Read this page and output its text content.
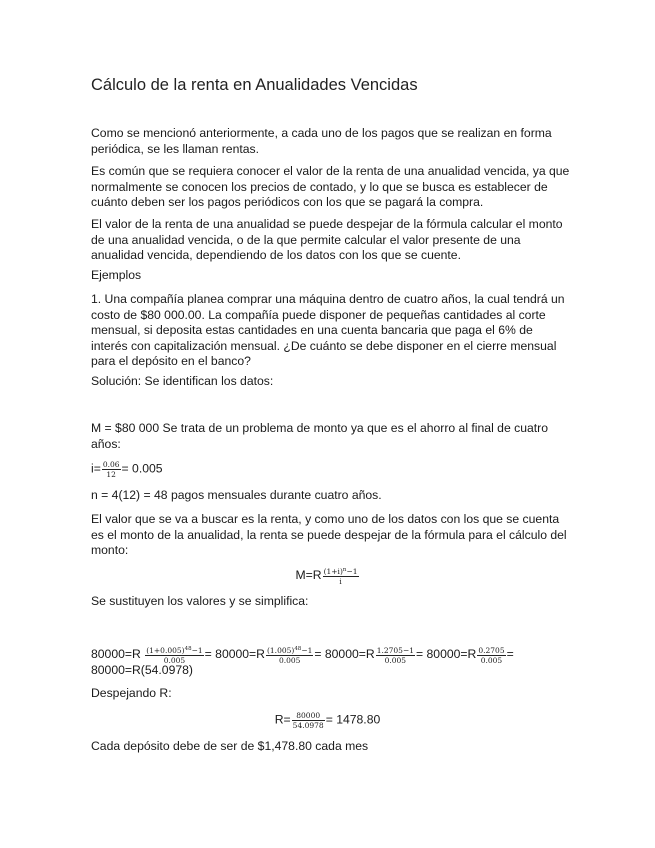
Cálculo de la renta en Anualidades Vencidas

Como se mencionó anteriormente, a cada uno de los pagos que se realizan en forma periódica, se les llaman rentas.

Es común que se requiera conocer el valor de la renta de una anualidad vencida, ya que normalmente se conocen los precios de contado, y lo que se busca es establecer de cuánto deben ser los pagos periódicos con los que se pagará la compra.

El valor de la renta de una anualidad se puede despejar de la fórmula calcular el monto de una anualidad vencida, o de la que permite calcular el valor presente de una anualidad vencida, dependiendo de los datos con los que se cuente.

Ejemplos

1. Una compañía planea comprar una máquina dentro de cuatro años, la cual tendrá un costo de $80 000.00. La compañía puede disponer de pequeñas cantidades al corte mensual, si deposita estas cantidades en una cuenta bancaria que paga el 6% de interés con capitalización mensual. ¿De cuánto se debe disponer en el cierre mensual para el depósito en el banco?

Solución: Se identifican los datos:

M = $80 000 Se trata de un problema de monto ya que es el ahorro al final de cuatro años:

$i= \frac{0.06}{12} = 0.005$
n = 4(12) = 48 pagos mensuales durante cuatro años.

El valor que se va a buscar es la renta, y como uno de los datos con los que se cuenta es el monto de la anualidad, la renta se puede despejar de la fórmula para el cálculo del monto:

$M=R \frac{(1+i)^n-1}{i}$
Se sustituyen los valores y se simplifica:
$80000=R \frac{(1+0.005)^{48}-1}{0.005} = 80000=R \frac{(1.005)^{48}-1}{0.005} = 80000=R \frac{1.2705-1}{0.005} = 80000=R \frac{0.2705}{0.005}$ =
80000=R(54.0978)
Despejando R:
$R= \frac{80000}{54.0978} = 1478.80$
Cada depósito debe de ser de $1,478.80 cada mes
